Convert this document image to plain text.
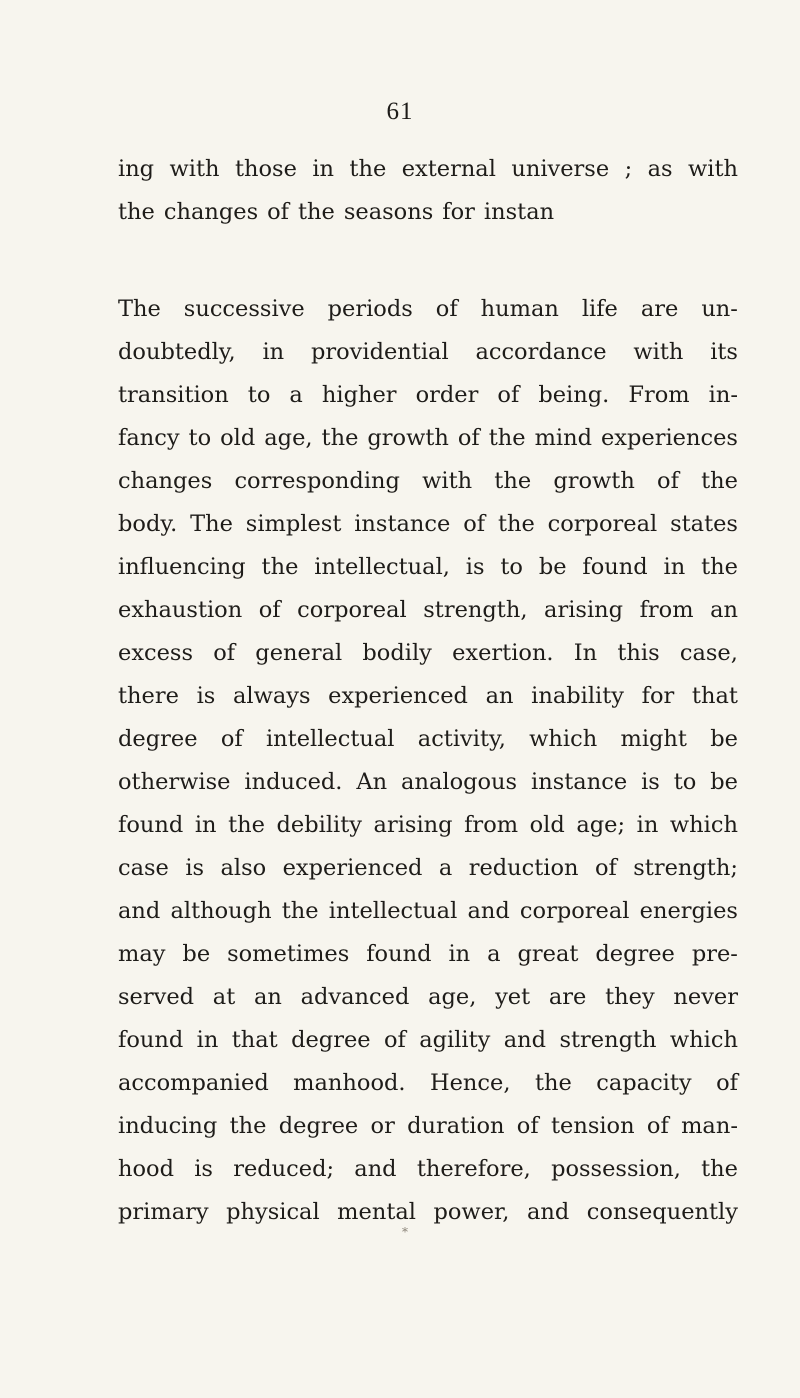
61
ing with those in the external universe ; as with
the changes of the seasons for instan
The successive periods of human life are un-
doubtedly, in providential accordance with its
transition to a higher order of being. From in-
fancy to old age, the growth of the mind experiences
changes corresponding with the growth of the
body. The simplest instance of the corporeal states
influencing the intellectual, is to be found in the
exhaustion of corporeal strength, arising from an
excess of general bodily exertion. In this case,
there is always experienced an inability for that
degree of intellectual activity, which might be
otherwise induced. An analogous instance is to be
found in the debility arising from old age; in which
case is also experienced a reduction of strength;
and although the intellectual and corporeal energies
may be sometimes found in a great degree pre-
served at an advanced age, yet are they never
found in that degree of agility and strength which
accompanied manhood. Hence, the capacity of
inducing the degree or duration of tension of man-
hood is reduced; and therefore, possession, the
primary physical mental power, and consequently
*
